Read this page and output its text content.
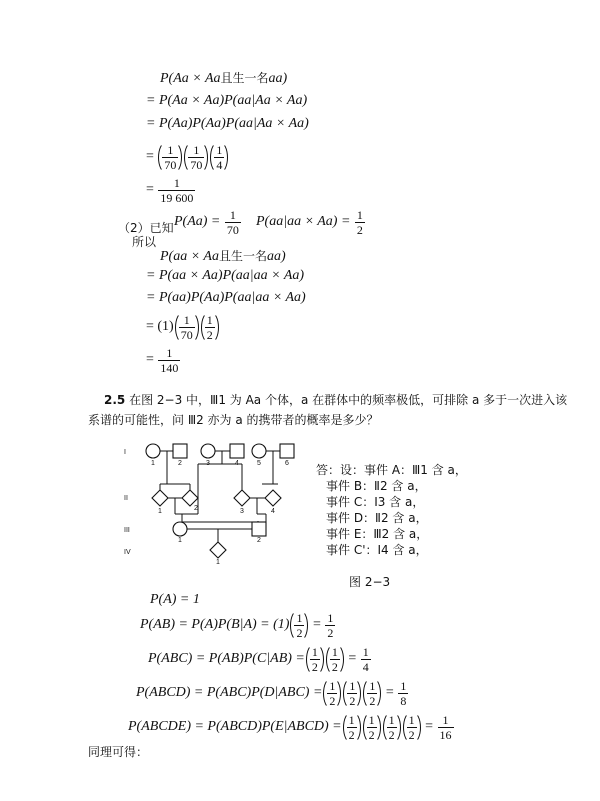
P(Aa × Aa且生一名aa)
= P(Aa × Aa)P(aa|Aa × Aa)
= P(Aa)P(Aa)P(aa|Aa × Aa)
=
$\frac{1}{70} \frac{1}{70} \frac{1}{4}$
=
$\frac{1}{19 600}$
（2）已知 P(Aa) =
$\frac{1}{70} P(aa|aa \times Aa)$ =
$\frac{1}{2}$
所以
P(aa × Aa且生一名aa)
= P(aa × Aa)P(aa|aa × Aa)
= P(aa)P(Aa)P(aa|aa × Aa)
= $(1) \frac{1}{70} \frac{1}{2}$
=
$\frac{1}{140}$
2.5 在图 2−3 中，Ⅲ1 为 Aa 个体，a 在群体中的频率极低，可排除 a 多于一次进入该
系谱的可能性，问 Ⅲ2 亦为 a 的携带者的概率是多少？
I
II
III
IV
1	2	3	4	5	6
1	2	3	4
1	2
1
答：设：事件 A：Ⅲ1 含 a，
事件 B：Ⅱ2 含 a，
事件 C：I3 含 a，
事件 D：Ⅱ2 含 a，
事件 E：Ⅲ2 含 a，
事件 C'：I4 含 a，
图 2−3
P(A) = 1
$P(AB) = P(A)P(B|A) = (1) \frac{1}{2} = \frac{1}{2}$
$P(ABC) = P(AB)P(C|AB) = \frac{1}{2} \frac{1}{2} = \frac{1}{4}$
P(ABCD) = $P(ABC)P(D|ABC) = \frac{1}{2} \frac{1}{2} \frac{1}{2} = \frac{1}{8}$
P(ABCDE) = P(ABCD)P(E|ABCD) = $\frac{1}{2} \frac{1}{2} \frac{1}{2} \frac{1}{2} = \frac{1}{16}$
同理可得：
